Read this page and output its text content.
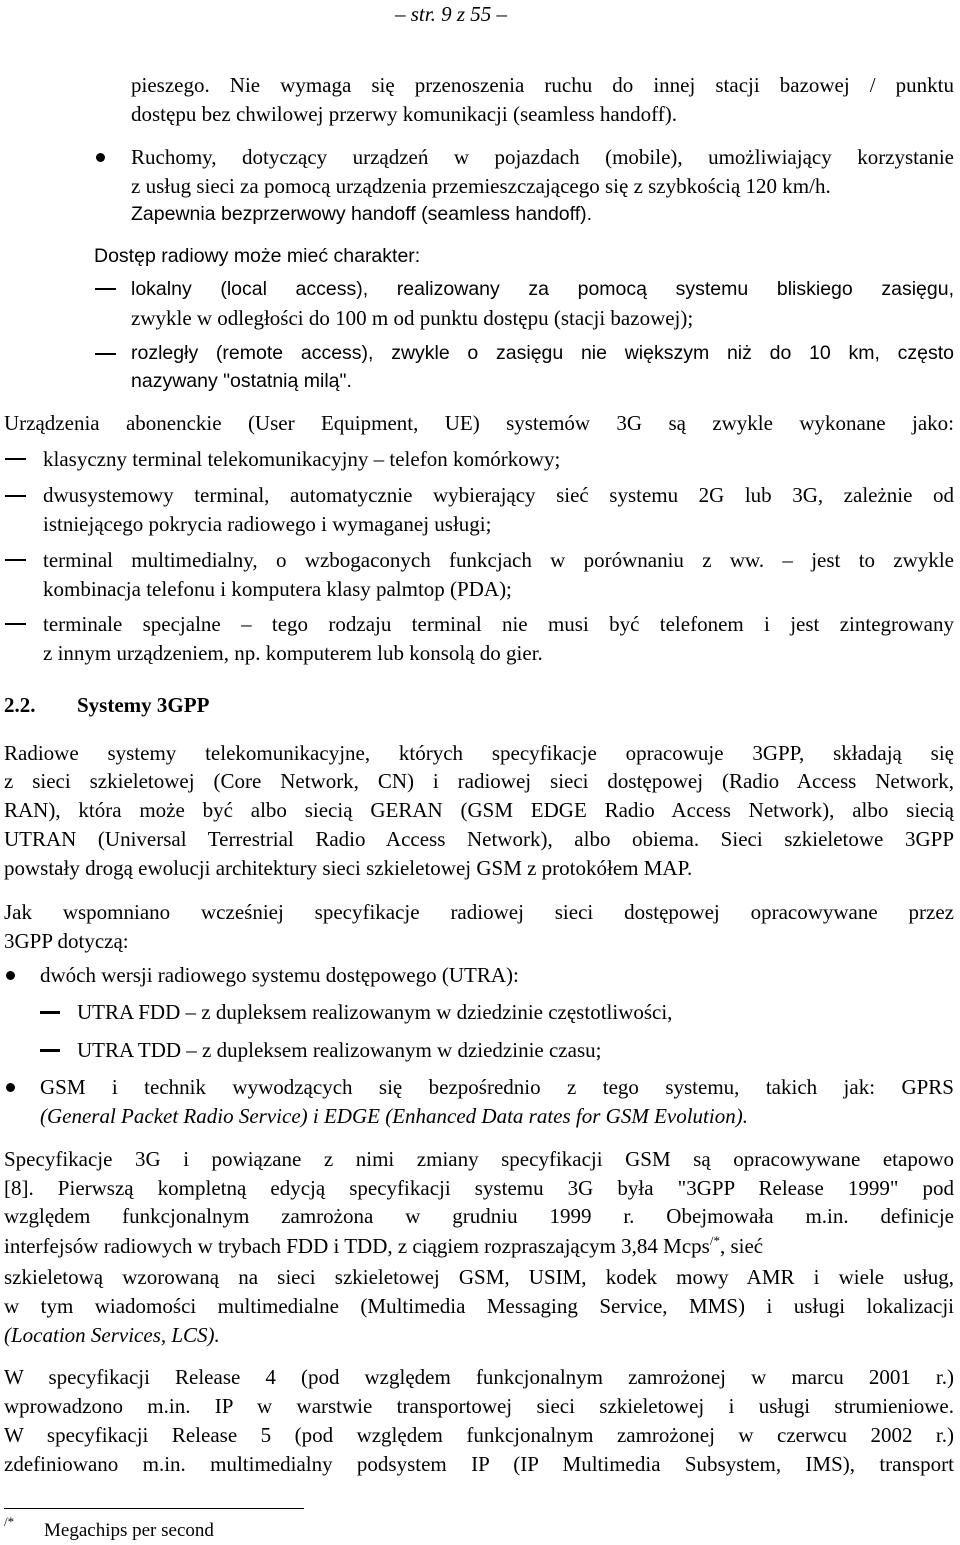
– str. 9 z 55 –
pieszego. Nie wymaga się przenoszenia ruchu do innej stacji bazowej / punktu
dostępu bez chwilowej przerwy komunikacji (seamless handoff).
Ruchomy, dotyczący urządzeń w pojazdach (mobile), umożliwiający korzystanie
z usług sieci za pomocą urządzenia przemieszczającego się z szybkością 120 km/h.
Zapewnia bezprzerwowy handoff (seamless handoff).
Dostęp radiowy może mieć charakter:
lokalny (local access), realizowany za pomocą systemu bliskiego zasięgu,
zwykle w odległości do 100 m od punktu dostępu (stacji bazowej);
rozległy (remote access), zwykle o zasięgu nie większym niż do 10 km, często
nazywany "ostatnią milą".
Urządzenia abonenckie (User Equipment, UE) systemów 3G są zwykle wykonane jako:
klasyczny terminal telekomunikacyjny – telefon komórkowy;
dwusystemowy terminal, automatycznie wybierający sieć systemu 2G lub 3G, zależnie od
istniejącego pokrycia radiowego i wymaganej usługi;
terminal multimedialny, o wzbogaconych funkcjach w porównaniu z ww. – jest to zwykle
kombinacja telefonu i komputera klasy palmtop (PDA);
terminale specjalne – tego rodzaju terminal nie musi być telefonem i jest zintegrowany
z innym urządzeniem, np. komputerem lub konsolą do gier.
2.2. Systemy 3GPP
Radiowe systemy telekomunikacyjne, których specyfikacje opracowuje 3GPP, składają się
z sieci szkieletowej (Core Network, CN) i radiowej sieci dostępowej (Radio Access Network,
RAN), która może być albo siecią GERAN (GSM EDGE Radio Access Network), albo siecią
UTRAN (Universal Terrestrial Radio Access Network), albo obiema. Sieci szkieletowe 3GPP
powstały drogą ewolucji architektury sieci szkieletowej GSM z protokółem MAP.
Jak wspomniano wcześniej specyfikacje radiowej sieci dostępowej opracowywane przez
3GPP dotyczą:
dwóch wersji radiowego systemu dostępowego (UTRA):
UTRA FDD – z dupleksem realizowanym w dziedzinie częstotliwości,
UTRA TDD – z dupleksem realizowanym w dziedzinie czasu;
GSM i technik wywodzących się bezpośrednio z tego systemu, takich jak: GPRS
(General Packet Radio Service) i EDGE (Enhanced Data rates for GSM Evolution).
Specyfikacje 3G i powiązane z nimi zmiany specyfikacji GSM są opracowywane etapowo
[8]. Pierwszą kompletną edycją specyfikacji systemu 3G była "3GPP Release 1999" pod
względem funkcjonalnym zamrożona w grudniu 1999 r. Obejmowała m.in. definicje
interfejsów radiowych w trybach FDD i TDD, z ciągiem rozpraszającym 3,84 Mcps/*, sieć
szkieletową wzorowaną na sieci szkieletowej GSM, USIM, kodek mowy AMR i wiele usług,
w tym wiadomości multimedialne (Multimedia Messaging Service, MMS) i usługi lokalizacji
(Location Services, LCS).
W specyfikacji Release 4 (pod względem funkcjonalnym zamrożonej w marcu 2001 r.)
wprowadzono m.in. IP w warstwie transportowej sieci szkieletowej i usługi strumieniowe.
W specyfikacji Release 5 (pod względem funkcjonalnym zamrożonej w czerwcu 2002 r.)
zdefiniowano m.in. multimedialny podsystem IP (IP Multimedia Subsystem, IMS), transport
/* Megachips per second
